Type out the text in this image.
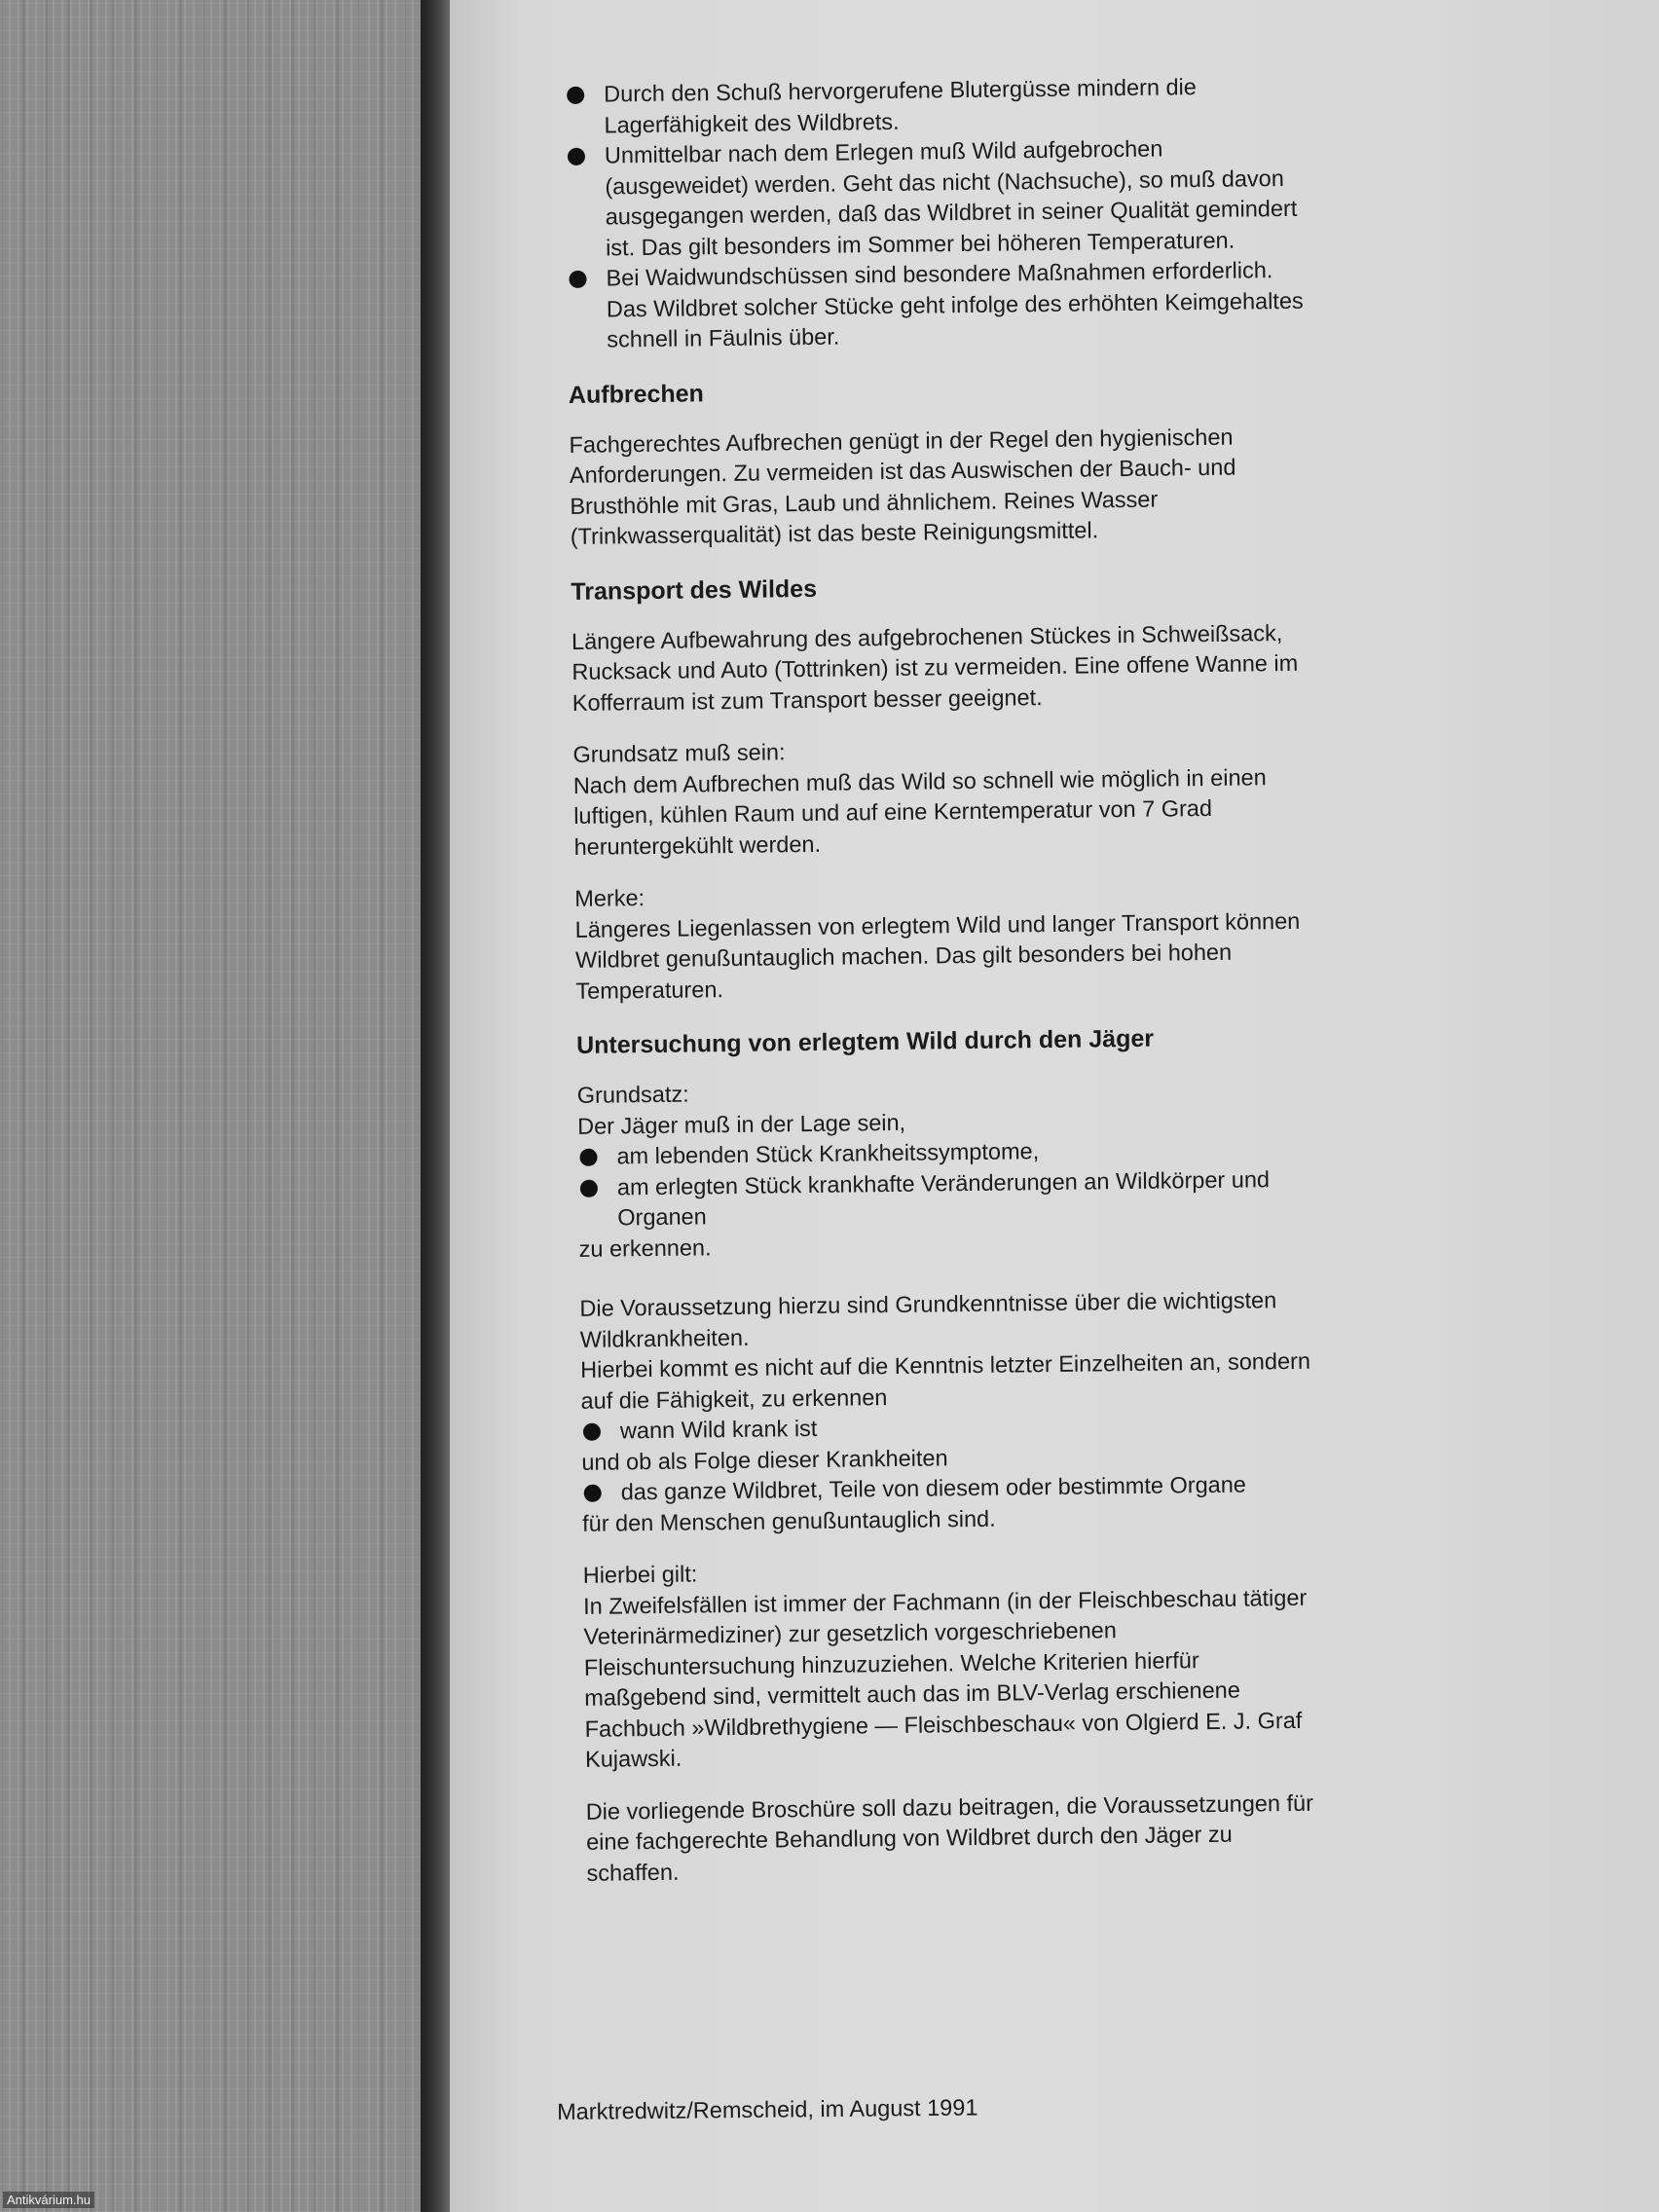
Durch den Schuß hervorgerufene Blutergüsse mindern die Lagerfähigkeit des Wildbrets.
Unmittelbar nach dem Erlegen muß Wild aufgebrochen (ausgeweidet) werden. Geht das nicht (Nachsuche), so muß davon ausgegangen werden, daß das Wildbret in seiner Qualität gemindert ist. Das gilt besonders im Sommer bei höheren Temperaturen.
Bei Waidwundschüssen sind besondere Maßnahmen erforderlich. Das Wildbret solcher Stücke geht infolge des erhöhten Keimgehaltes schnell in Fäulnis über.
Aufbrechen

Fachgerechtes Aufbrechen genügt in der Regel den hygienischen Anforderungen. Zu vermeiden ist das Auswischen der Bauch- und Brusthöhle mit Gras, Laub und ähnlichem. Reines Wasser (Trinkwasserqualität) ist das beste Reinigungsmittel.

Transport des Wildes

Längere Aufbewahrung des aufgebrochenen Stückes in Schweißsack, Rucksack und Auto (Tottrinken) ist zu vermeiden. Eine offene Wanne im Kofferraum ist zum Transport besser geeignet.

Grundsatz muß sein:

Nach dem Aufbrechen muß das Wild so schnell wie möglich in einen luftigen, kühlen Raum und auf eine Kerntemperatur von 7 Grad heruntergekühlt werden.

Merke:

Längeres Liegenlassen von erlegtem Wild und langer Transport können Wildbret genußuntauglich machen. Das gilt besonders bei hohen Temperaturen.

Untersuchung von erlegtem Wild durch den Jäger

Grundsatz:

Der Jäger muß in der Lage sein,

am lebenden Stück Krankheitssymptome,
am erlegten Stück krankhafte Veränderungen an Wildkörper und Organen

zu erkennen.

Die Voraussetzung hierzu sind Grundkenntnisse über die wichtigsten Wildkrankheiten.

Hierbei kommt es nicht auf die Kenntnis letzter Einzelheiten an, sondern auf die Fähigkeit, zu erkennen

wann Wild krank ist

und ob als Folge dieser Krankheiten

das ganze Wildbret, Teile von diesem oder bestimmte Organe

für den Menschen genußuntauglich sind.

Hierbei gilt:

In Zweifelsfällen ist immer der Fachmann (in der Fleischbeschau tätiger Veterinärmediziner) zur gesetzlich vorgeschriebenen Fleischuntersuchung hinzuzuziehen. Welche Kriterien hierfür maßgebend sind, vermittelt auch das im BLV-Verlag erschienene Fachbuch »Wildbrethygiene — Fleischbeschau« von Olgierd E. J. Graf Kujawski.

Die vorliegende Broschüre soll dazu beitragen, die Voraussetzungen für eine fachgerechte Behandlung von Wildbret durch den Jäger zu schaffen.

Marktredwitz/Remscheid, im August 1991
Antikvárium.hu
